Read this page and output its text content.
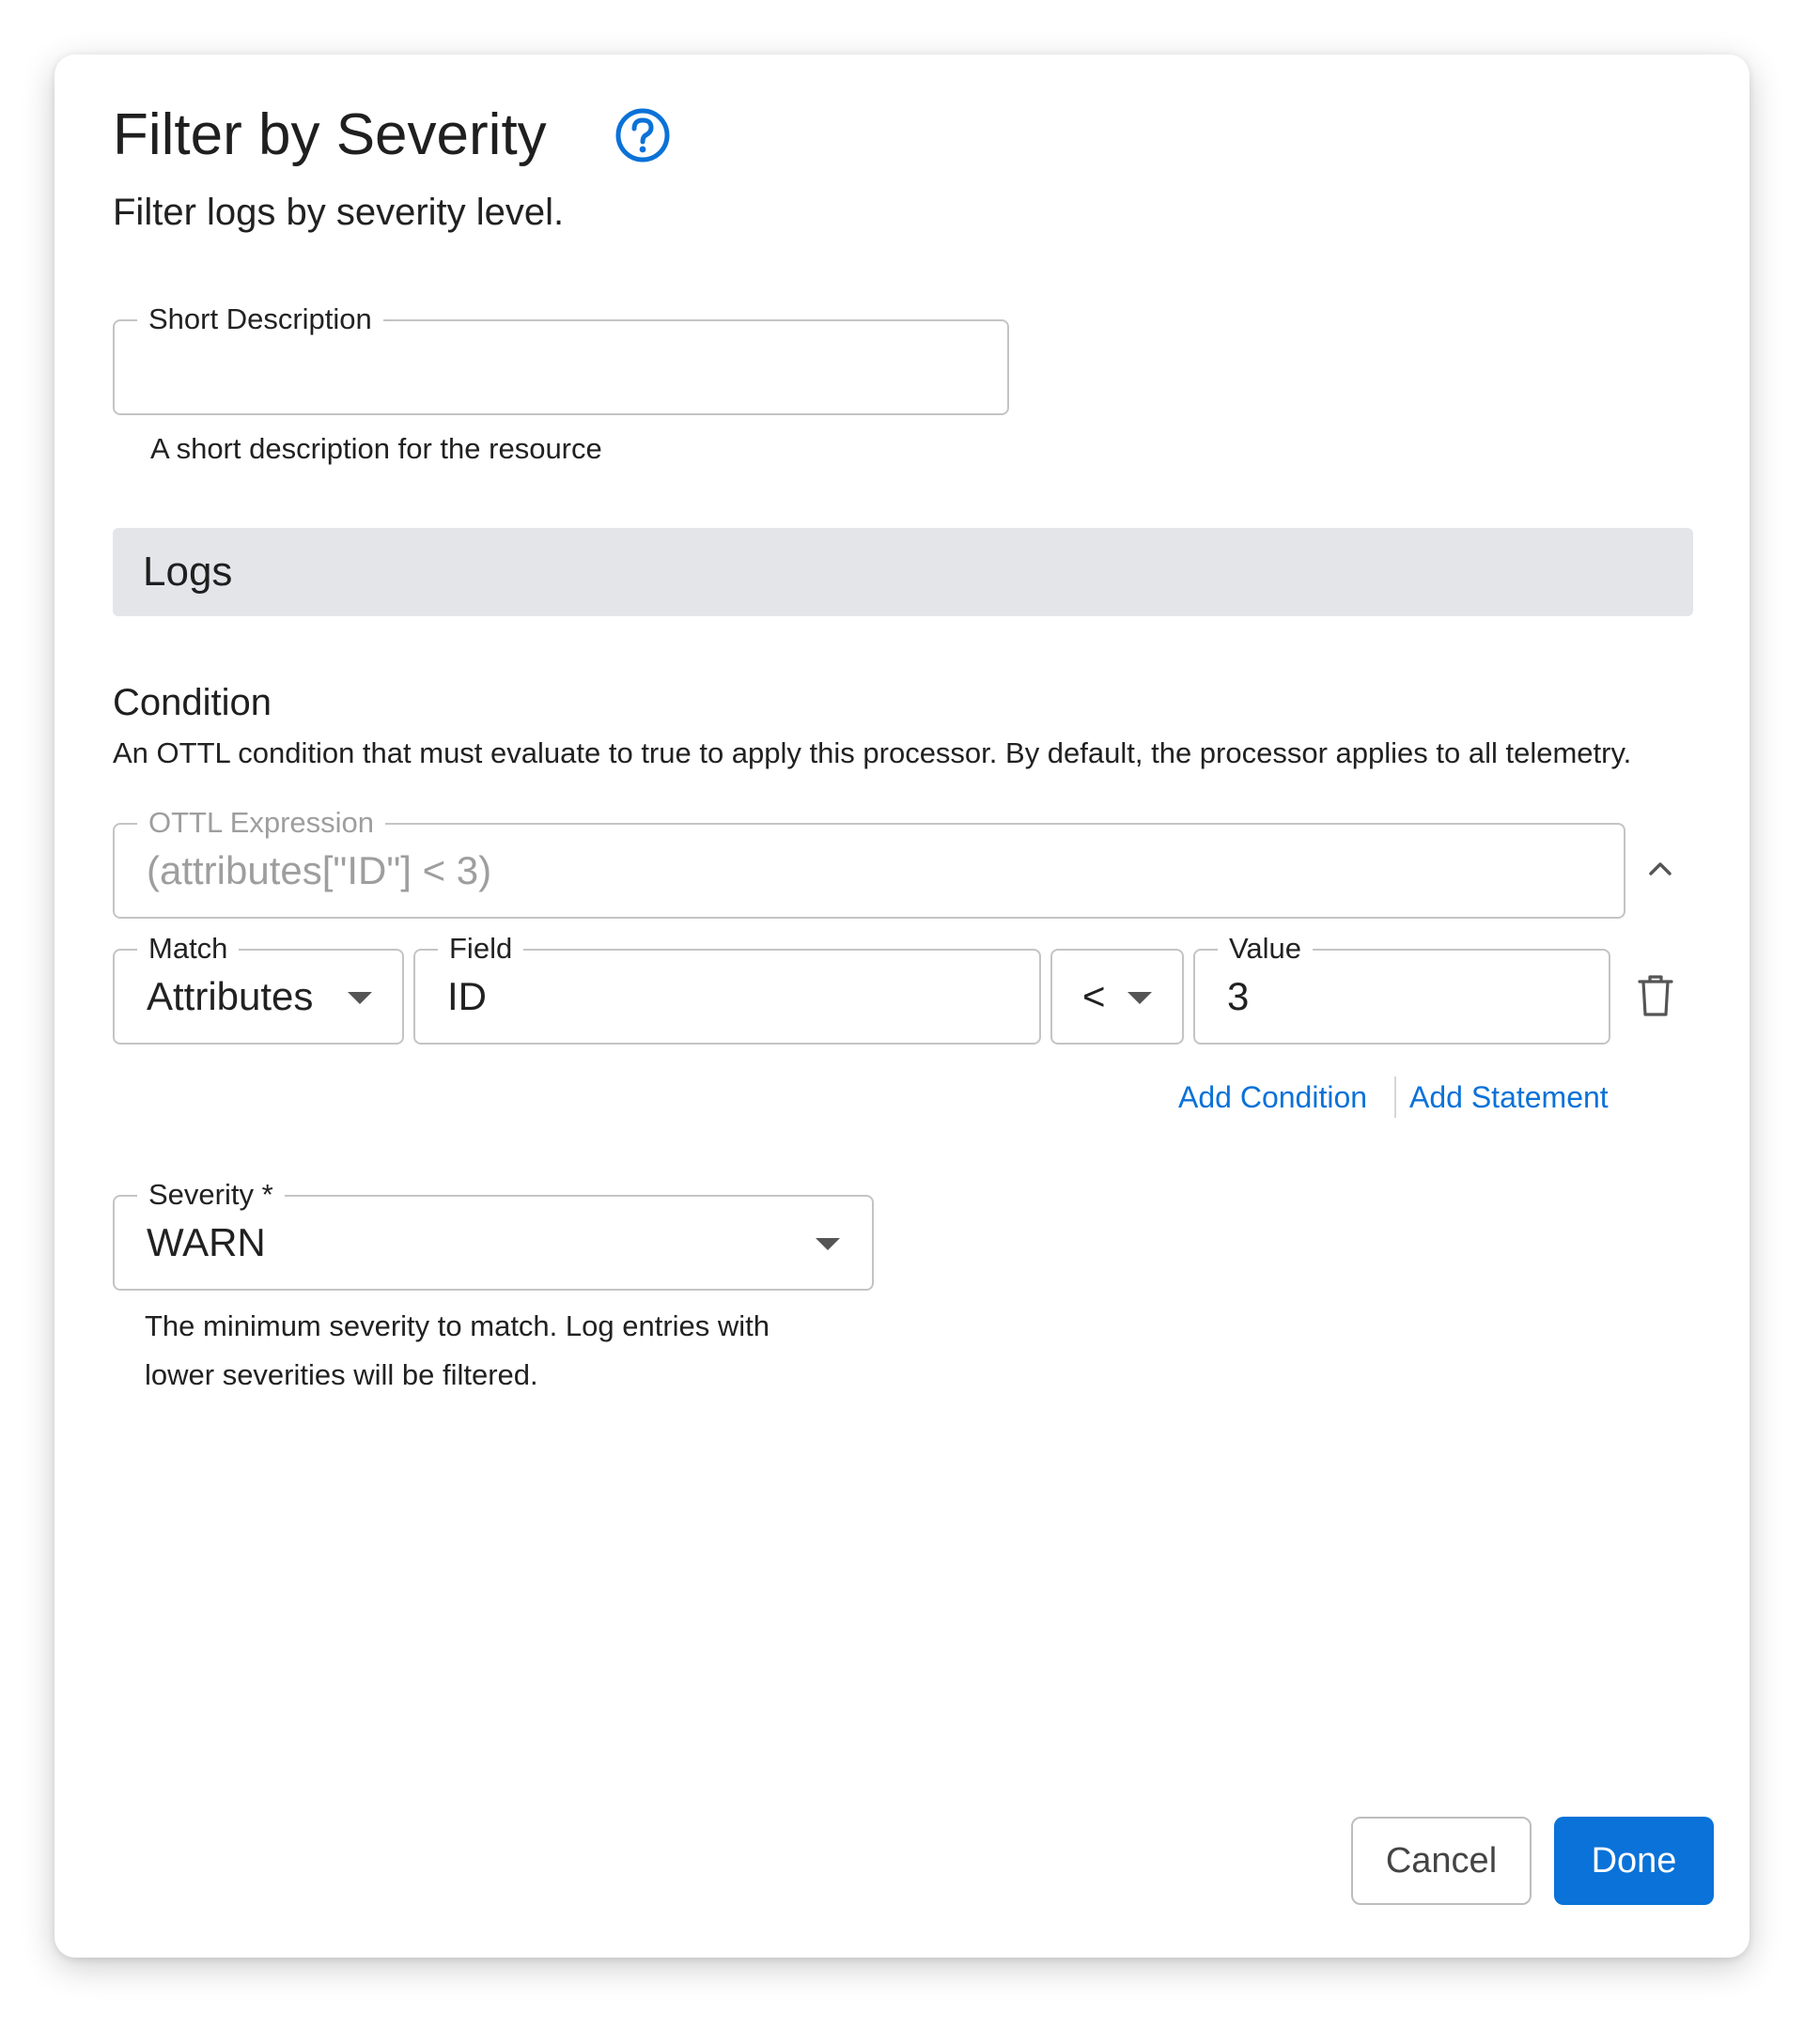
Filter by Severity
Filter logs by severity level.
Short Description
A short description for the resource
Logs
Condition
An OTTL condition that must evaluate to true to apply this processor. By default, the processor applies to all telemetry.
OTTL Expression
(attributes["ID"] < 3)
Match
Attributes
Field
ID	<
Value
3
Add Condition Add Statement
Severity *
WARN
The minimum severity to match. Log entries with
lower severities will be filtered.
Cancel	Done
